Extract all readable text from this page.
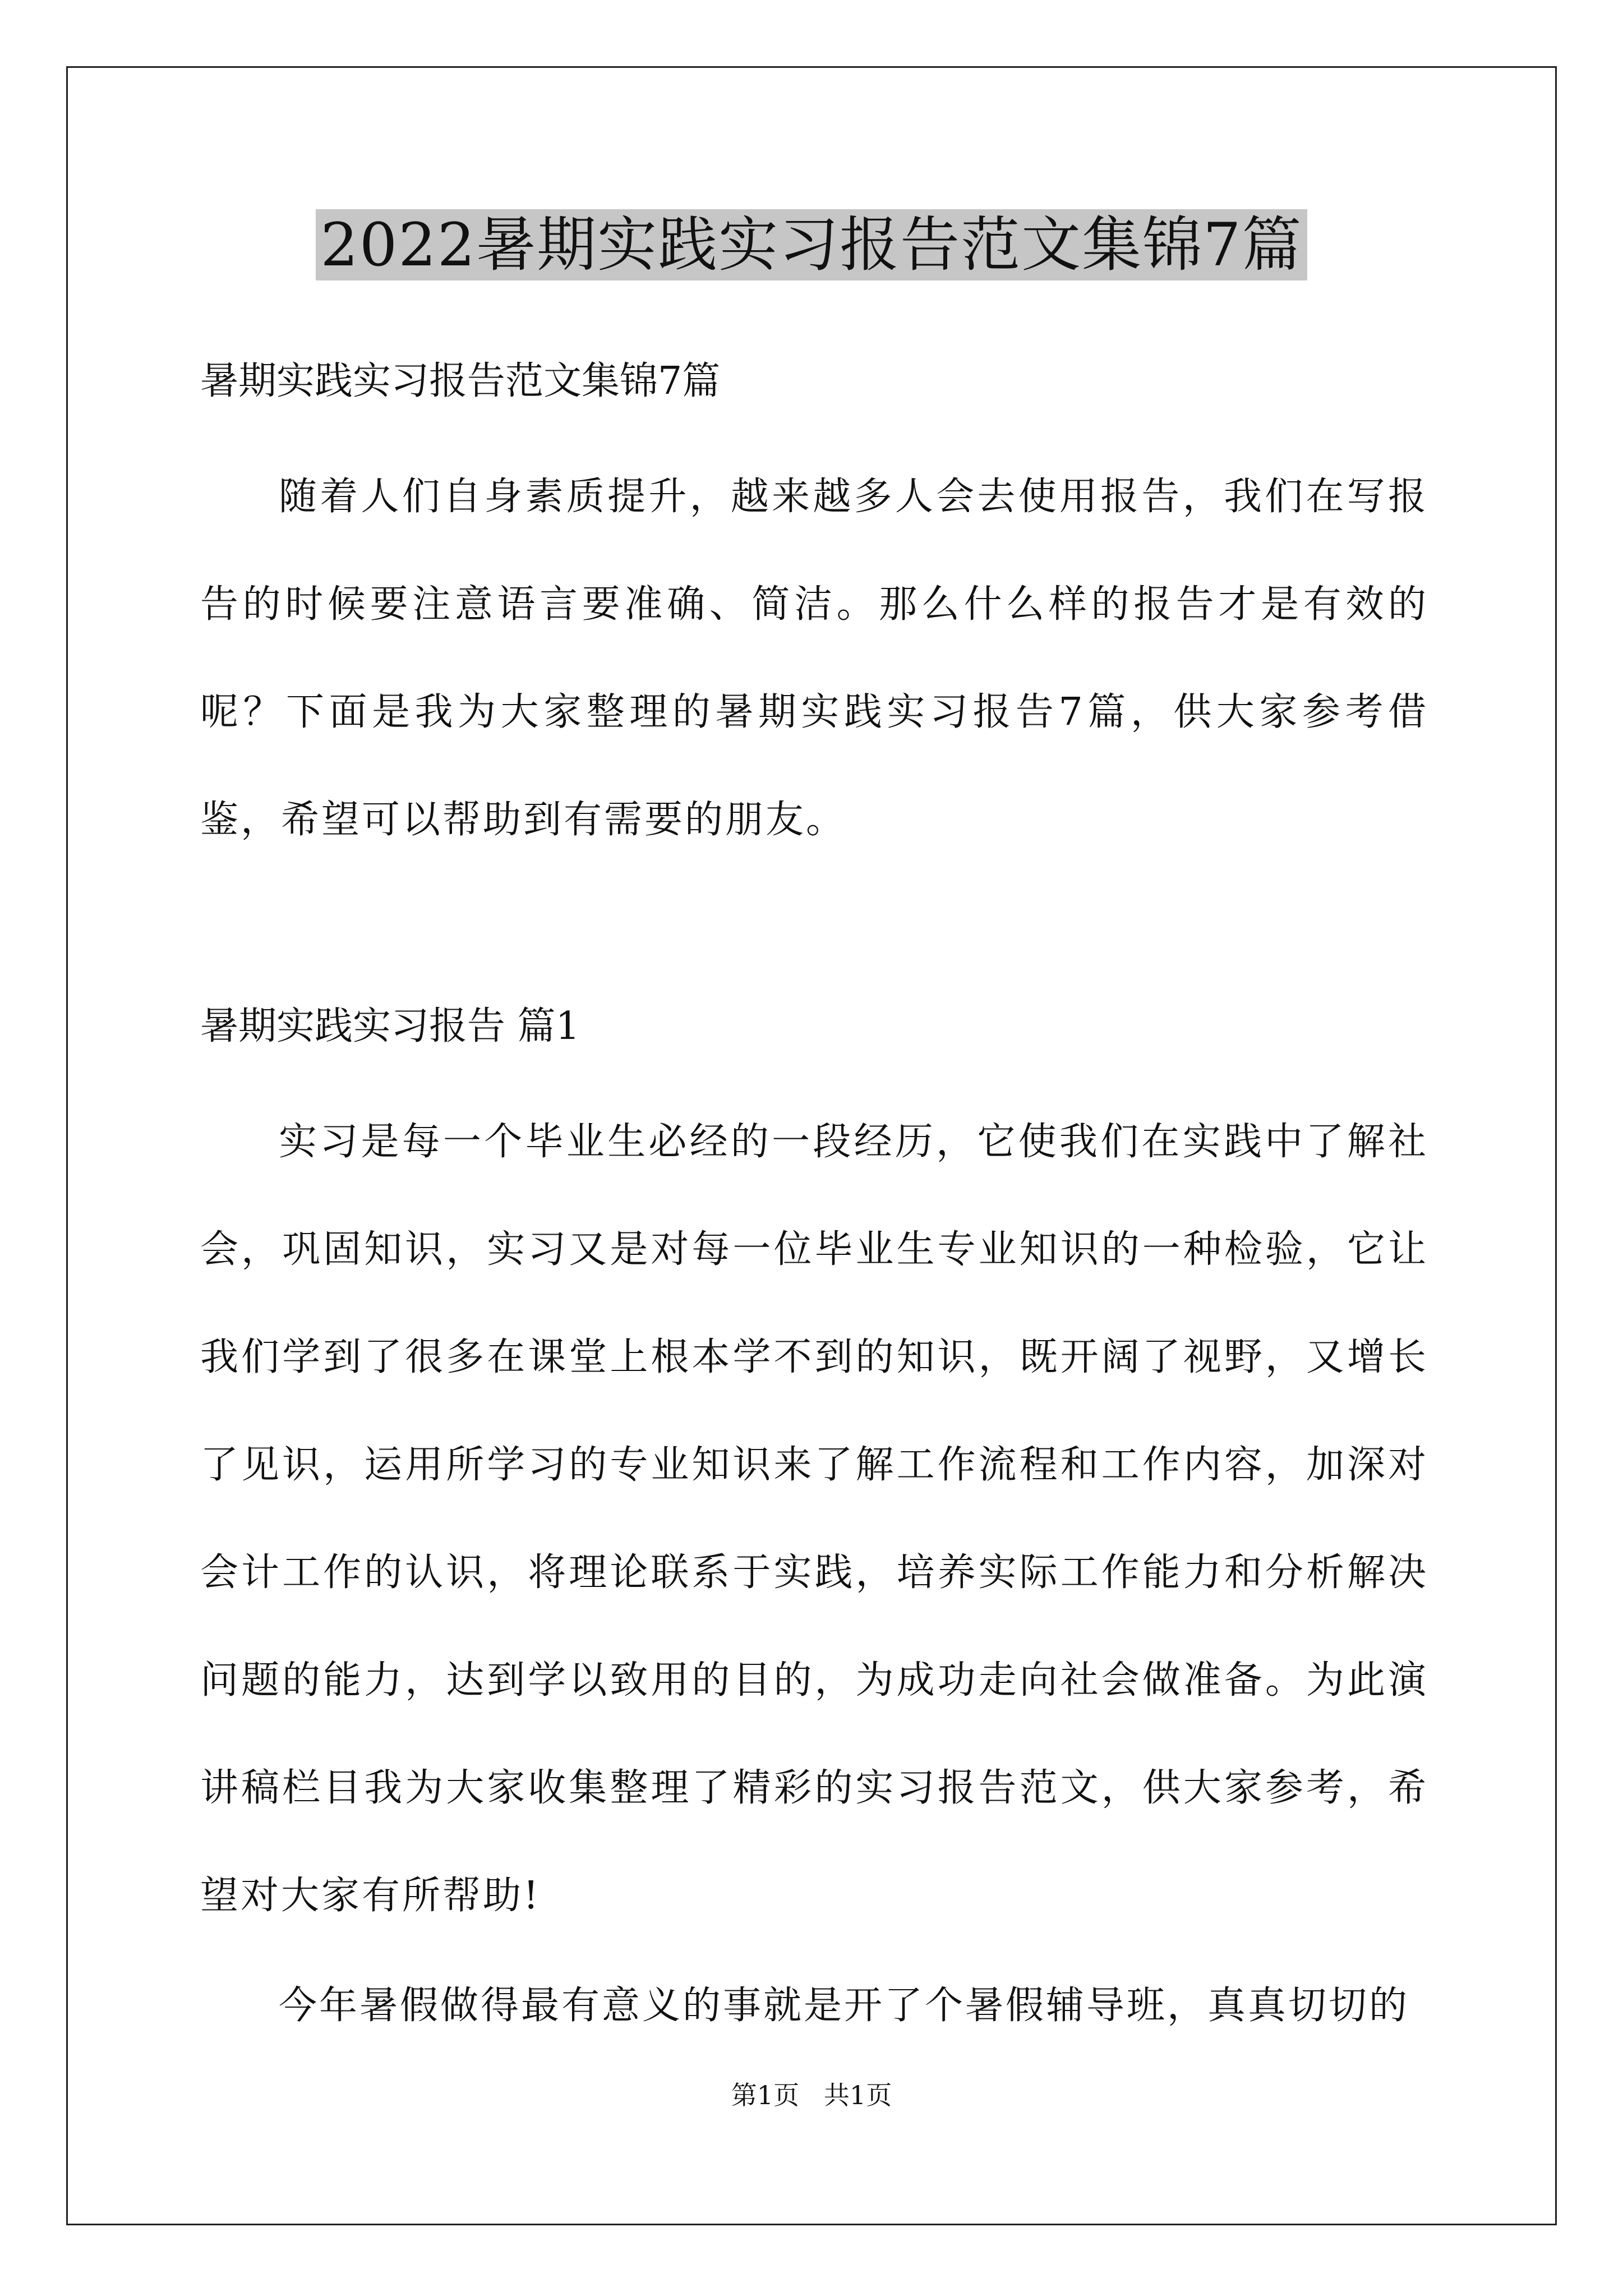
2022暑期实践实习报告范文集锦7篇
暑期实践实习报告范文集锦7篇
随着人们自身素质提升，越来越多人会去使用报告，我们在写报告的时候要注意语言要准确、简洁。那么什么样的报告才是有效的呢？下面是我为大家整理的暑期实践实习报告7篇，供大家参考借鉴，希望可以帮助到有需要的朋友。
暑期实践实习报告 篇1
实习是每一个毕业生必经的一段经历，它使我们在实践中了解社会，巩固知识，实习又是对每一位毕业生专业知识的一种检验，它让我们学到了很多在课堂上根本学不到的知识，既开阔了视野，又增长了见识，运用所学习的专业知识来了解工作流程和工作内容，加深对会计工作的认识，将理论联系于实践，培养实际工作能力和分析解决问题的能力，达到学以致用的目的，为成功走向社会做准备。为此演讲稿栏目我为大家收集整理了精彩的实习报告范文，供大家参考，希望对大家有所帮助!
今年暑假做得最有意义的事就是开了个暑假辅导班，真真切切的
第1页   共1页
